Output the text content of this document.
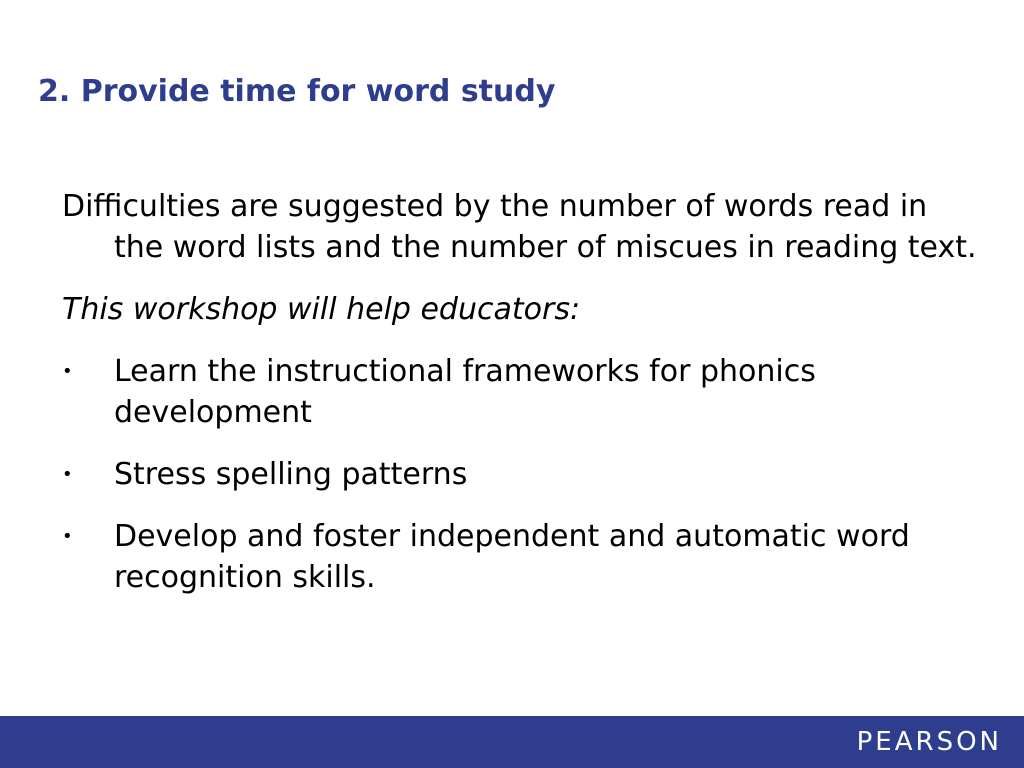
2. Provide time for word study

Difficulties are suggested by the number of words read in the word lists and the number of miscues in reading text.

This workshop will help educators:

• Learn the instructional frameworks for phonics development
• Stress spelling patterns
• Develop and foster independent and automatic word recognition skills.
PEARSON
